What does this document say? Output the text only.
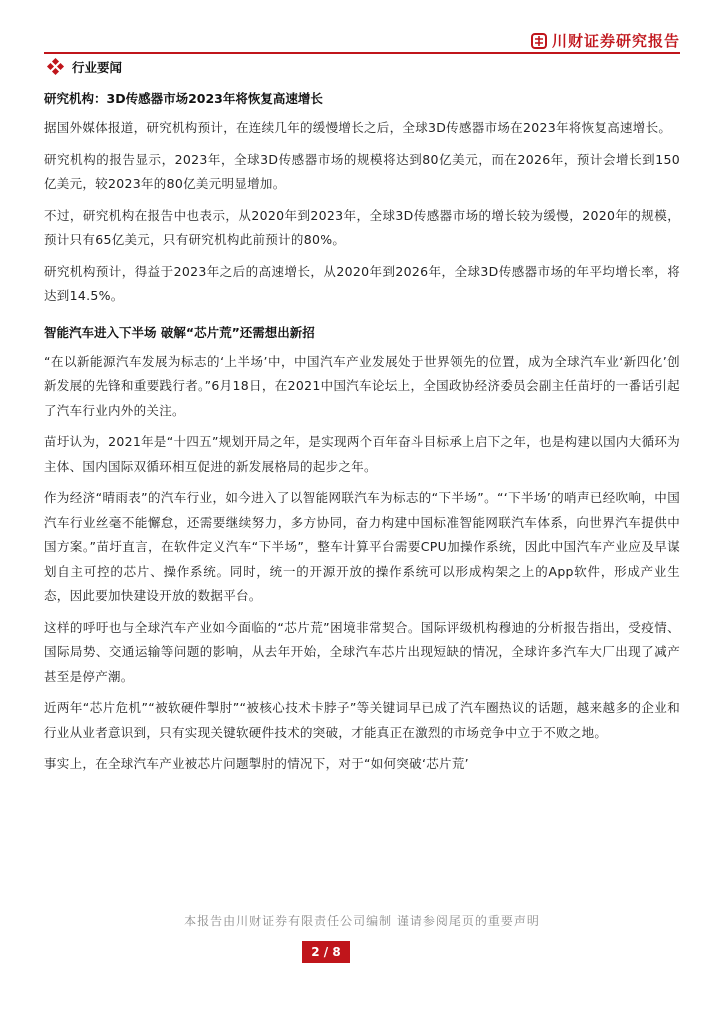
川财证券研究报告
行业要闻
研究机构：3D传感器市场2023年将恢复高速增长

据国外媒体报道，研究机构预计，在连续几年的缓慢增长之后，全球3D传感器市场在2023年将恢复高速增长。

研究机构的报告显示，2023年，全球3D传感器市场的规模将达到80亿美元，而在2026年，预计会增长到150亿美元，较2023年的80亿美元明显增加。

不过，研究机构在报告中也表示，从2020年到2023年，全球3D传感器市场的增长较为缓慢，2020年的规模，预计只有65亿美元，只有研究机构此前预计的80%。

研究机构预计，得益于2023年之后的高速增长，从2020年到2026年，全球3D传感器市场的年平均增长率，将达到14.5%。

智能汽车进入下半场 破解“芯片荒”还需想出新招

“在以新能源汽车发展为标志的‘上半场’中，中国汽车产业发展处于世界领先的位置，成为全球汽车业‘新四化’创新发展的先锋和重要践行者。”6月18日，在2021中国汽车论坛上，全国政协经济委员会副主任苗圩的一番话引起了汽车行业内外的关注。

苗圩认为，2021年是“十四五”规划开局之年，是实现两个百年奋斗目标承上启下之年，也是构建以国内大循环为主体、国内国际双循环相互促进的新发展格局的起步之年。

作为经济“晴雨表”的汽车行业，如今进入了以智能网联汽车为标志的“下半场”。“‘下半场’的哨声已经吹响，中国汽车行业丝毫不能懈怠，还需要继续努力，多方协同，奋力构建中国标准智能网联汽车体系，向世界汽车提供中国方案。”苗圩直言，在软件定义汽车“下半场”，整车计算平台需要CPU加操作系统，因此中国汽车产业应及早谋划自主可控的芯片、操作系统。同时，统一的开源开放的操作系统可以形成构架之上的App软件，形成产业生态，因此要加快建设开放的数据平台。

这样的呼吁也与全球汽车产业如今面临的“芯片荒”困境非常契合。国际评级机构穆迪的分析报告指出，受疫情、国际局势、交通运输等问题的影响，从去年开始，全球汽车芯片出现短缺的情况，全球许多汽车大厂出现了减产甚至是停产潮。

近两年“芯片危机”“被软硬件掣肘”“被核心技术卡脖子”等关键词早已成了汽车圈热议的话题，越来越多的企业和行业从业者意识到，只有实现关键软硬件技术的突破，才能真正在激烈的市场竞争中立于不败之地。

事实上，在全球汽车产业被芯片问题掣肘的情况下，对于“如何突破‘芯片荒’

本报告由川财证券有限责任公司编制 谨请参阅尾页的重要声明
2 / 8
